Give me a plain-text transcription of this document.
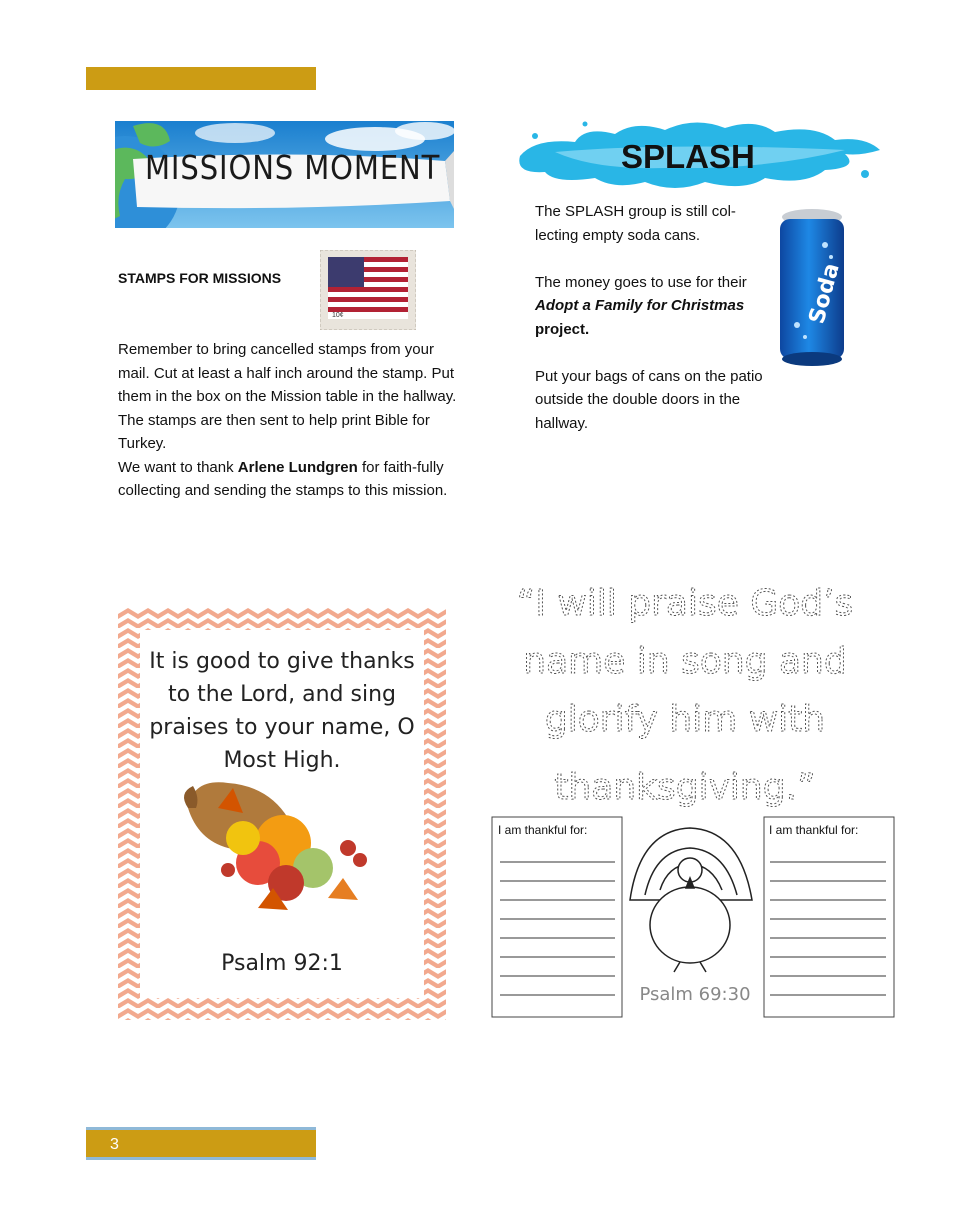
MISSIONS MOMENT
STAMPS FOR MISSIONS
10¢
Remember to bring cancelled stamps from your mail. Cut at least a half inch around the stamp. Put them in the box on the Mission table in the hallway.
The stamps are then sent to help print Bible for Turkey.
We want to thank Arlene Lundgren for faith-fully collecting and sending the stamps to this mission.
SPLASH
The SPLASH group is still col-lecting empty soda cans.
The money goes to use for their Adopt a Family for Christmas project.
Put your bags of cans on the patio outside the double doors in the hallway.
Soda
It is good to give thanks
to the Lord, and sing
praises to your name, O
Most High.
Psalm 92:1
“I will praise God’s
name in song and
glorify him with
thanksgiving.”
I am thankful for:	I am thankful for:
Psalm 69:30
3
